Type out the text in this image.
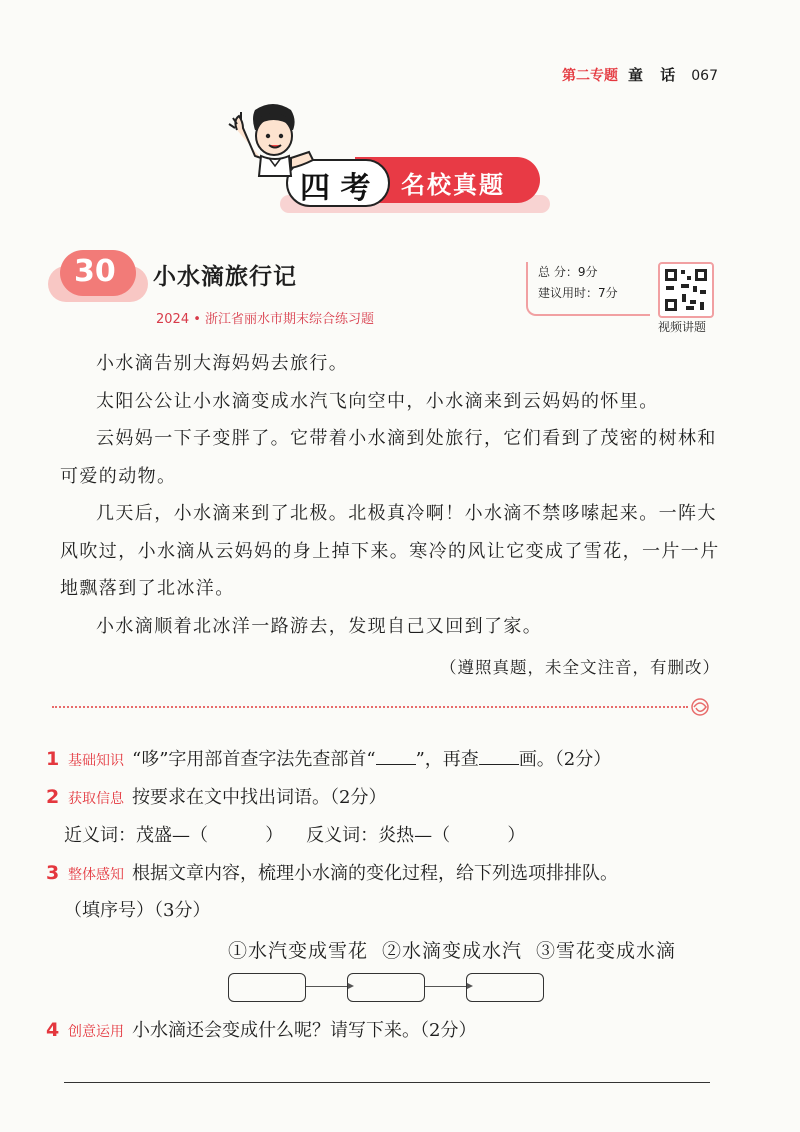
第二专题 童 话 067
名校真题
四 考
30 小水滴旅行记
2024 • 浙江省丽水市期末综合练习题
总 分：9分
建议用时：7分
视频讲题

小水滴告别大海妈妈去旅行。

太阳公公让小水滴变成水汽飞向空中，小水滴来到云妈妈的怀里。

云妈妈一下子变胖了。它带着小水滴到处旅行，它们看到了茂密的树林和可爱的动物。

几天后，小水滴来到了北极。北极真冷啊！小水滴不禁哆嗦起来。一阵大风吹过，小水滴从云妈妈的身上掉下来。寒冷的风让它变成了雪花，一片一片地飘落到了北冰洋。

小水滴顺着北冰洋一路游去，发现自己又回到了家。

（遵照真题，未全文注音，有删改）
1 基础知识 “哆”字用部首查字法先查部首“ ”，再查 画。（2分）
2 获取信息 按要求在文中找出词语。（2分）
近义词：茂盛—（          ）    反义词：炎热—（          ）
3 整体感知 根据文章内容，梳理小水滴的变化过程，给下列选项排排队。
（填序号）（3分）
①水汽变成雪花 ②水滴变成水汽 ③雪花变成水滴
4 创意运用 小水滴还会变成什么呢？请写下来。（2分）
